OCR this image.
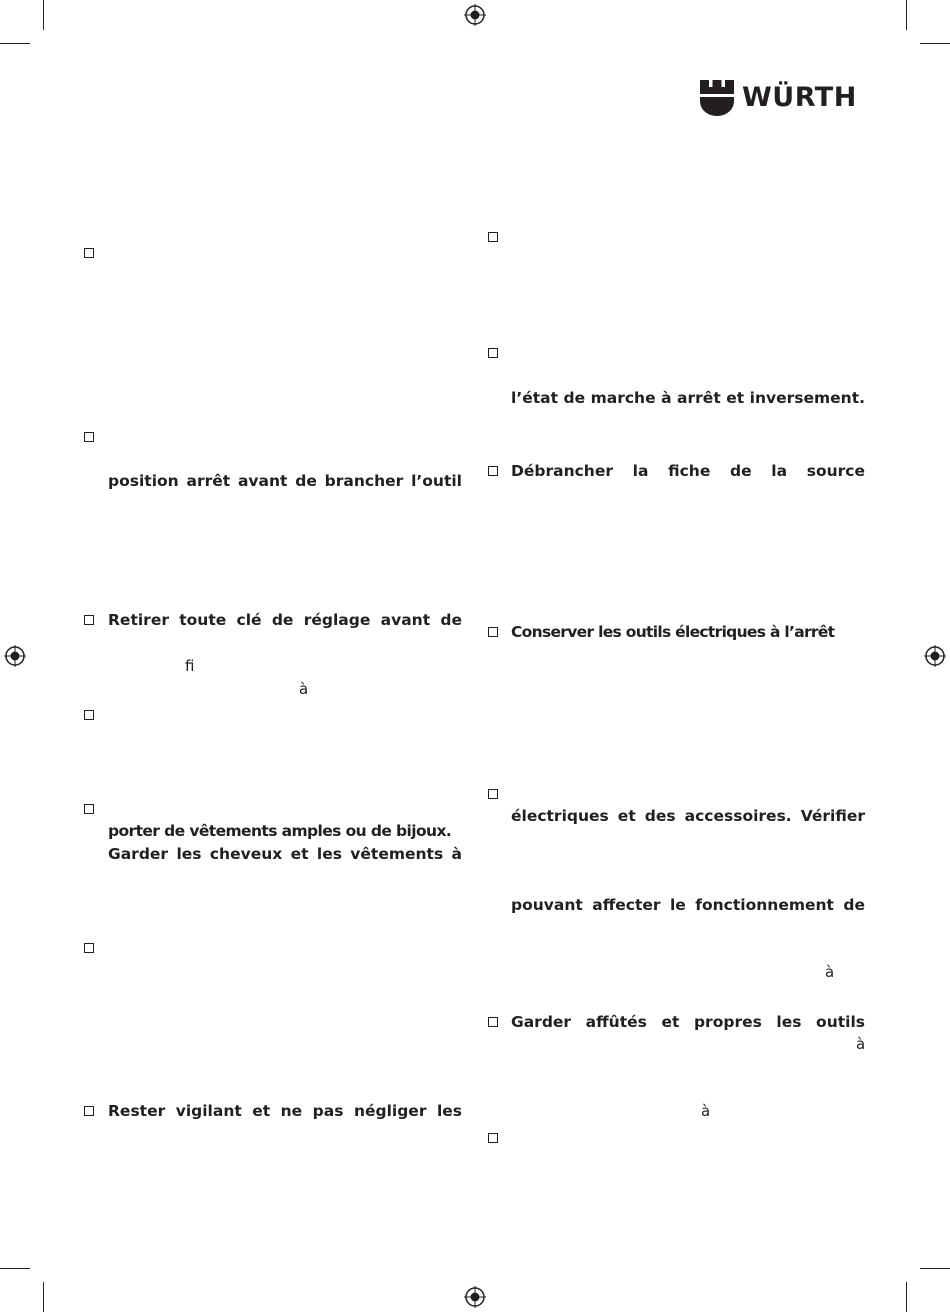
WÜRTH
position arrêt avant de brancher l’outil
Retirer toute clé de réglage avant de
fi
à
porter de vêtements amples ou de bijoux.
Garder les cheveux et les vêtements à
Rester vigilant et ne pas négliger les
l’état de marche à arrêt et inversement.
Débrancher la fiche de la source
Conserver les outils électriques à l’arrêt
électriques et des accessoires. Vérifier
pouvant affecter le fonctionnement de
à
Garder affûtés et propres les outils
à
à
